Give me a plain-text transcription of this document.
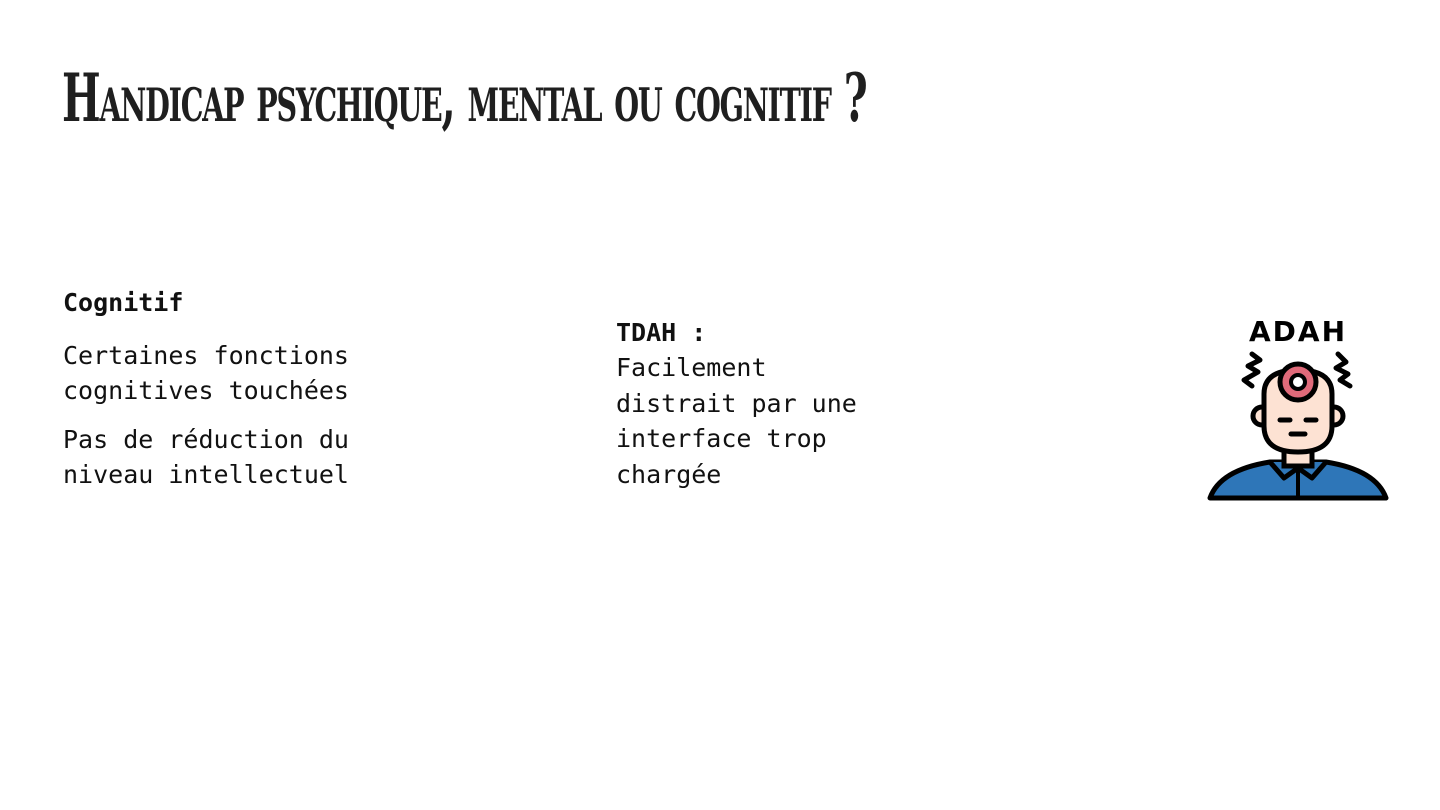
Handicap psychique, mental ou cognitif ?

Cognitif

Certaines fonctions
cognitives touchées

Pas de réduction du
niveau intellectuel

TDAH :

Facilement
distrait par une
interface trop
chargée

ADAH
